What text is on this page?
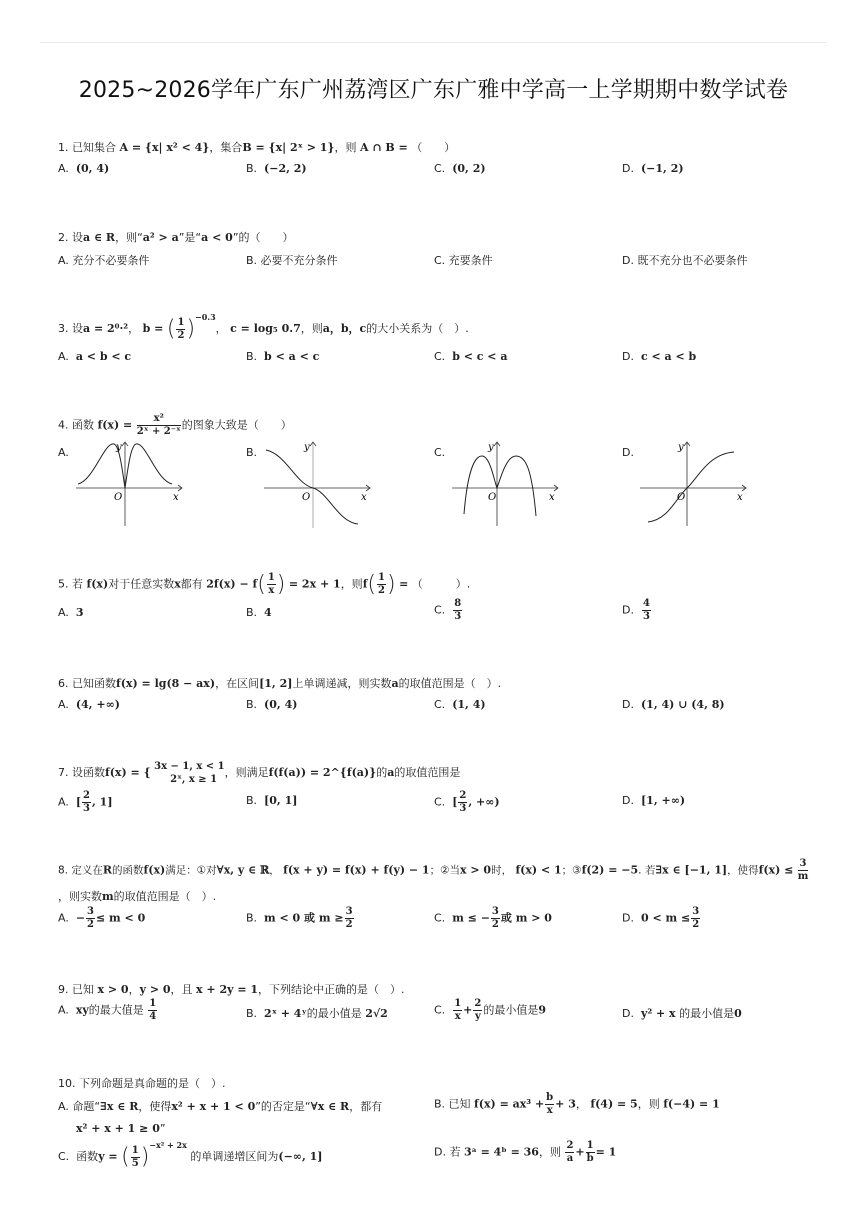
2025~2026学年广东广州荔湾区广东广雅中学高一上学期期中数学试卷
1. 已知集合 A = {x| x² < 4}，集合B = {x| 2ˣ > 1}，则 A ∩ B = （　　）
A. (0, 4)	B. (−2, 2)	C. (0, 2)	D. (−1, 2)
2. 设a ∈ R，则“a² > a”是“a < 0”的（　　）
A. 充分不必要条件	B. 必要不充分条件	C. 充要条件	D. 既不充分也不必要条件
3. 设a = 2⁰·²， b = ( $\frac{1}{2} )^{-0.3}$， c = log₅ 0.7，则a，b，c的大小关系为（　）.
A. a < b < c	B. b < a < c	C. b < c < a	D. c < a < b
4. 函数 $f(x) = \frac{\text{x²}}{\text{2ˣ + 2⁻ˣ}}$ 的图象大致是（　　）
A.	B.	C.	D.
O	x
y
O	x
y
O	x
y
O	x
y
5. 若 f(x)对于任意实数x都有 $2f(x) - f( \frac{1}{x}$ ) = 2x + 1，则$f( \frac{1}{2}$ ) = （　　　）.
A. 3	B. 4	C. $\frac{8}{3}$	D. $\frac{4}{3}$
6. 已知函数f(x) = lg(8 − ax)，在区间[1, 2]上单调递减，则实数a的取值范围是（　）.
A. (4, +∞)	B. (0, 4)	C. (1, 4)	D. (1, 4) ∪ (4, 8)
7. 设函数f(x) = { 3x − 1, x < 1
2ˣ, x ≥ 1
，则满足f(f(a)) = 2^{f(a)}的a的取值范围是
A. [ $\frac{2}{3}$ , 1]	B. [0, 1]	C. [ $\frac{2}{3}$ , +∞)	D. [1, +∞)
8. 定义在R的函数f(x)满足：①对∀x, y ∈ ℝ， f(x + y) = f(x) + f(y) − 1；②当x > 0时， f(x) < 1；③f(2) = −5. 若∃x ∈ [−1, 1]，使得$f(x) \le \frac{3}{m}$
，则实数m的取值范围是（　）.
A. − $\frac{3}{2} \le m < 0$	B. m < 0 或 $m \ge \frac{3}{2}$	C. m ≤ − $\frac{3}{2}$ 或 m > 0	D. $0 < m \le \frac{3}{2}$
9. 已知 x > 0，y > 0，且 x + 2y = 1，下列结论中正确的是（　）.
A. xy的最大值是 $\frac{1}{4}$	B. 2ˣ + 4ʸ的最小值是 2√2	C. $\frac{1}{x} + \frac{2}{y}$ 的最小值是9	D. y² + x 的最小值是0
10. 下列命题是真命题的是（　）.
A. 命题“∃x ∈ R，使得x² + x + 1 < 0”的否定是“∀x ∈ R，都有
x² + x + 1 ≥ 0”
B. 已知 $f(x) = ax^3 + \frac{b}{x} + 3$， f(4) = 5，则 f(−4) = 1
C. 函数y = ( $\frac{1}{5} )^{-x^2 + 2x}$ 的单调递增区间为(−∞, 1]	D. 若 3ᵃ = 4ᵇ = 36，则 $\frac{2}{a} + \frac{1}{b} = 1$
